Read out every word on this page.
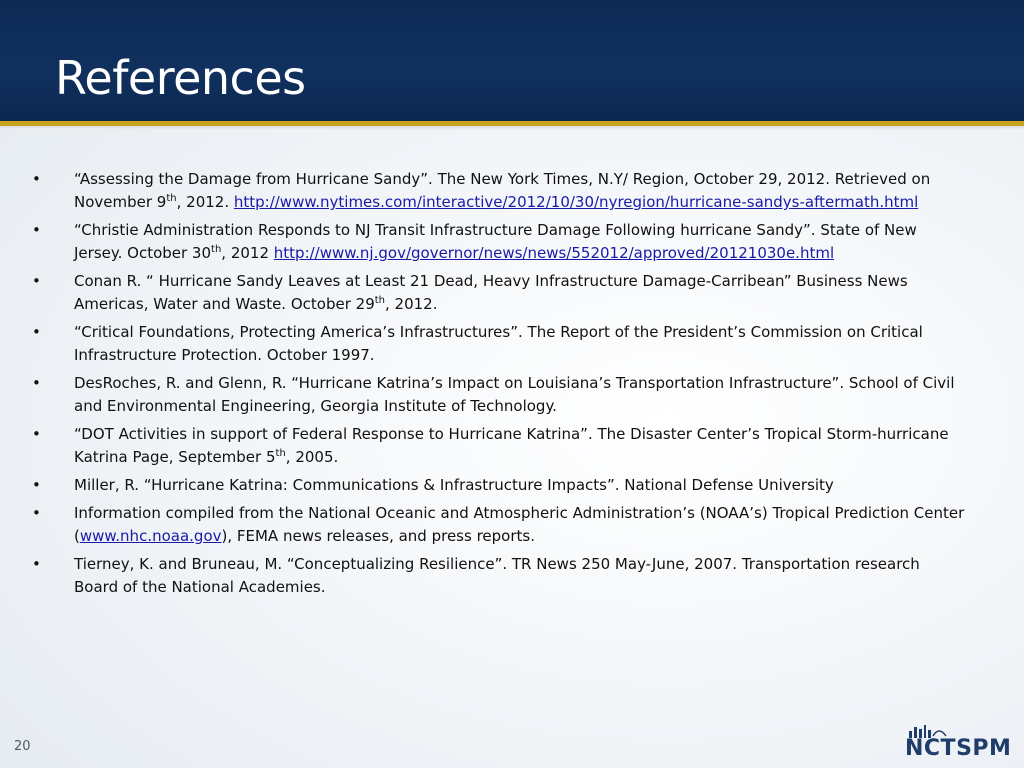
References
• “Assessing the Damage from Hurricane Sandy”. The New York Times, N.Y/ Region, October 29, 2012. Retrieved on November 9th, 2012. http://www.nytimes.com/interactive/2012/10/30/nyregion/hurricane-sandys-aftermath.html
• “Christie Administration Responds to NJ Transit Infrastructure Damage Following hurricane Sandy”. State of New Jersey. October 30th, 2012 http://www.nj.gov/governor/news/news/552012/approved/20121030e.html
• Conan R. “ Hurricane Sandy Leaves at Least 21 Dead, Heavy Infrastructure Damage-Carribean” Business News Americas, Water and Waste. October 29th, 2012.
• “Critical Foundations, Protecting America’s Infrastructures”. The Report of the President’s Commission on Critical Infrastructure Protection. October 1997.
• DesRoches, R. and Glenn, R. “Hurricane Katrina’s Impact on Louisiana’s Transportation Infrastructure”. School of Civil and Environmental Engineering, Georgia Institute of Technology.
• “DOT Activities in support of Federal Response to Hurricane Katrina”. The Disaster Center’s Tropical Storm-hurricane Katrina Page, September 5th, 2005.
• Miller, R. “Hurricane Katrina: Communications & Infrastructure Impacts”. National Defense University
• Information compiled from the National Oceanic and Atmospheric Administration’s (NOAA’s) Tropical Prediction Center (www.nhc.noaa.gov), FEMA news releases, and press reports.
• Tierney, K. and Bruneau, M. “Conceptualizing Resilience”. TR News 250 May-June, 2007. Transportation research Board of the National Academies.
20	NCTSPM
